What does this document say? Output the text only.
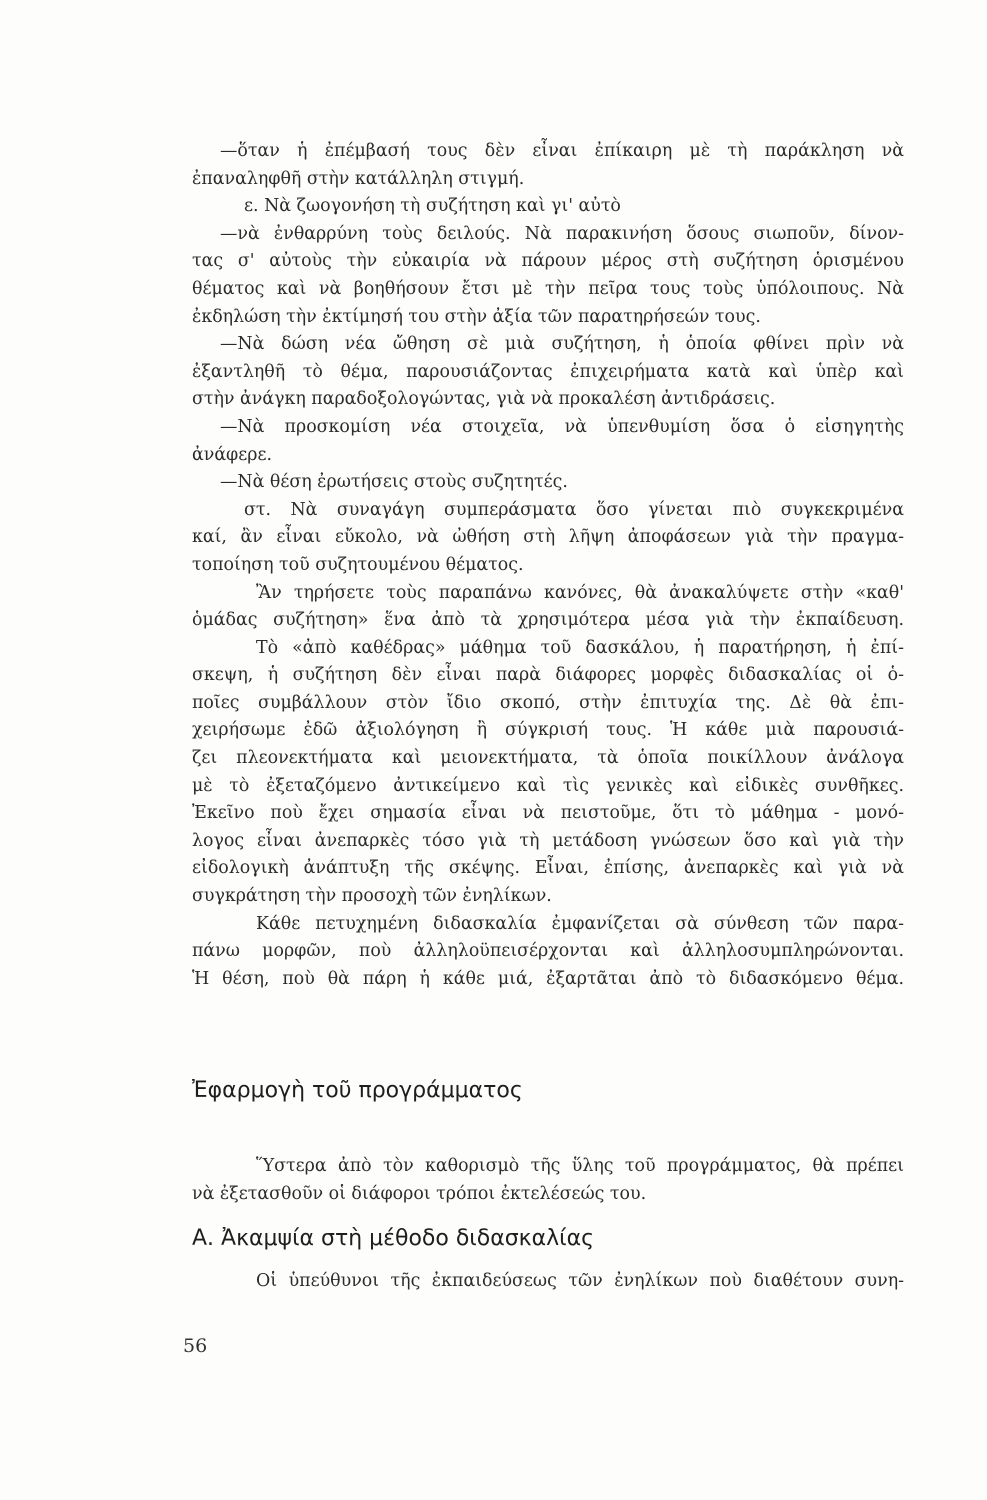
—ὅταν ἡ ἐπέμβασή τους δὲν εἶναι ἐπίκαιρη μὲ τὴ παράκληση νὰ
ἐπαναληφθῆ στὴν κατάλληλη στιγμή.
ε. Νὰ ζωογονήση τὴ συζήτηση καὶ γι' αὐτὸ
—νὰ ἐνθαρρύνη τοὺς δειλούς. Νὰ παρακινήση ὅσους σιωποῦν, δίνον-
τας σ' αὐτοὺς τὴν εὐκαιρία νὰ πάρουν μέρος στὴ συζήτηση ὁρισμένου
θέματος καὶ νὰ βοηθήσουν ἔτσι μὲ τὴν πεῖρα τους τοὺς ὑπόλοιπους. Νὰ
ἐκδηλώση τὴν ἐκτίμησή του στὴν ἀξία τῶν παρατηρήσεών τους.
—Νὰ δώση νέα ὤθηση σὲ μιὰ συζήτηση, ἡ ὁποία φθίνει πρὶν νὰ
ἐξαντληθῆ τὸ θέμα, παρουσιάζοντας ἐπιχειρήματα κατὰ καὶ ὑπὲρ καὶ
στὴν ἀνάγκη παραδοξολογώντας, γιὰ νὰ προκαλέση ἀντιδράσεις.
—Νὰ προσκομίση νέα στοιχεῖα, νὰ ὑπενθυμίση ὅσα ὁ εἰσηγητὴς
ἀνάφερε.
—Νὰ θέση ἐρωτήσεις στοὺς συζητητές.
στ. Νὰ συναγάγη συμπεράσματα ὅσο γίνεται πιὸ συγκεκριμένα
καί, ἂν εἶναι εὔκολο, νὰ ὠθήση στὴ λῆψη ἀποφάσεων γιὰ τὴν πραγμα-
τοποίηση τοῦ συζητουμένου θέματος.
Ἂν τηρήσετε τοὺς παραπάνω κανόνες, θὰ ἀνακαλύψετε στὴν «καθ'
ὁμάδας συζήτηση» ἕνα ἀπὸ τὰ χρησιμότερα μέσα γιὰ τὴν ἐκπαίδευση.
Τὸ «ἀπὸ καθέδρας» μάθημα τοῦ δασκάλου, ἡ παρατήρηση, ἡ ἐπί-
σκεψη, ἡ συζήτηση δὲν εἶναι παρὰ διάφορες μορφὲς διδασκαλίας οἱ ὁ-
ποῖες συμβάλλουν στὸν ἴδιο σκοπό, στὴν ἐπιτυχία της. Δὲ θὰ ἐπι-
χειρήσωμε ἐδῶ ἀξιολόγηση ἢ σύγκρισή τους. Ἡ κάθε μιὰ παρουσιά-
ζει πλεονεκτήματα καὶ μειονεκτήματα, τὰ ὁποῖα ποικίλλουν ἀνάλογα
μὲ τὸ ἐξεταζόμενο ἀντικείμενο καὶ τὶς γενικὲς καὶ εἰδικὲς συνθῆκες.
Ἐκεῖνο ποὺ ἔχει σημασία εἶναι νὰ πειστοῦμε, ὅτι τὸ μάθημα - μονό-
λογος εἶναι ἀνεπαρκὲς τόσο γιὰ τὴ μετάδοση γνώσεων ὅσο καὶ γιὰ τὴν
εἰδολογικὴ ἀνάπτυξη τῆς σκέψης. Εἶναι, ἐπίσης, ἀνεπαρκὲς καὶ γιὰ νὰ
συγκράτηση τὴν προσοχὴ τῶν ἐνηλίκων.
Κάθε πετυχημένη διδασκαλία ἐμφανίζεται σὰ σύνθεση τῶν παρα-
πάνω μορφῶν, ποὺ ἀλληλοϋπεισέρχονται καὶ ἀλληλοσυμπληρώνονται.
Ἡ θέση, ποὺ θὰ πάρη ἡ κάθε μιά, ἐξαρτᾶται ἀπὸ τὸ διδασκόμενο θέμα.
Ἐφαρμογὴ τοῦ προγράμματος
Ὕστερα ἀπὸ τὸν καθορισμὸ τῆς ὕλης τοῦ προγράμματος, θὰ πρέπει
νὰ ἐξετασθοῦν οἱ διάφοροι τρόποι ἐκτελέσεώς του.
Α. Ἀκαμψία στὴ μέθοδο διδασκαλίας
Οἱ ὑπεύθυνοι τῆς ἐκπαιδεύσεως τῶν ἐνηλίκων ποὺ διαθέτουν συνη-
56
